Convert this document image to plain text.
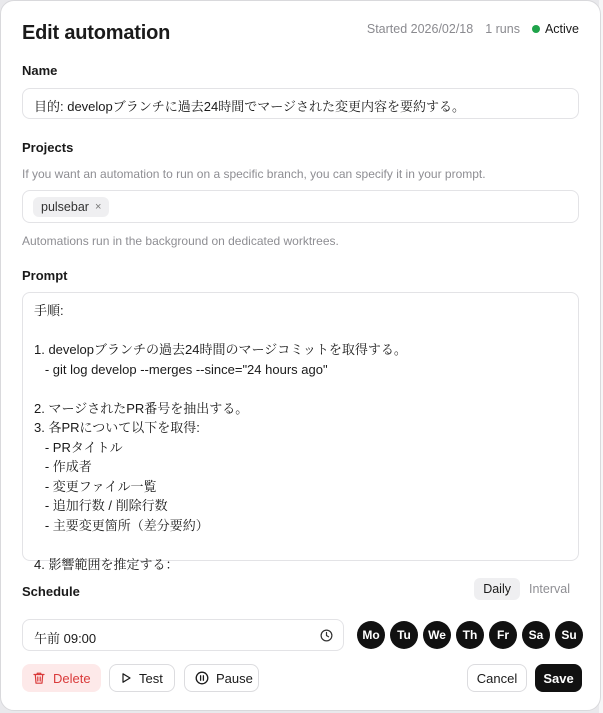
Edit automation	Started 2026/02/18 1 runs Active
Name
目的: developブランチに過去24時間でマージされた変更内容を要約する。
Projects
If you want an automation to run on a specific branch, you can specify it in your prompt.
pulsebar ×
Automations run in the background on dedicated worktrees.
Prompt
手順:

1. developブランチの過去24時間のマージコミットを取得する。
- git log develop --merges --since="24 hours ago"

2. マージされたPR番号を抽出する。
3. 各PRについて以下を取得:
- PRタイトル
- 作成者
- 変更ファイル一覧
- 追加行数 / 削除行数
- 主要変更箇所（差分要約）

4. 影響範囲を推定する：
Schedule	Daily	Interval
午前 09:00	Mo	Tu	We	Th	Fr	Sa	Su
Delete	Test	Pause	Cancel Save
